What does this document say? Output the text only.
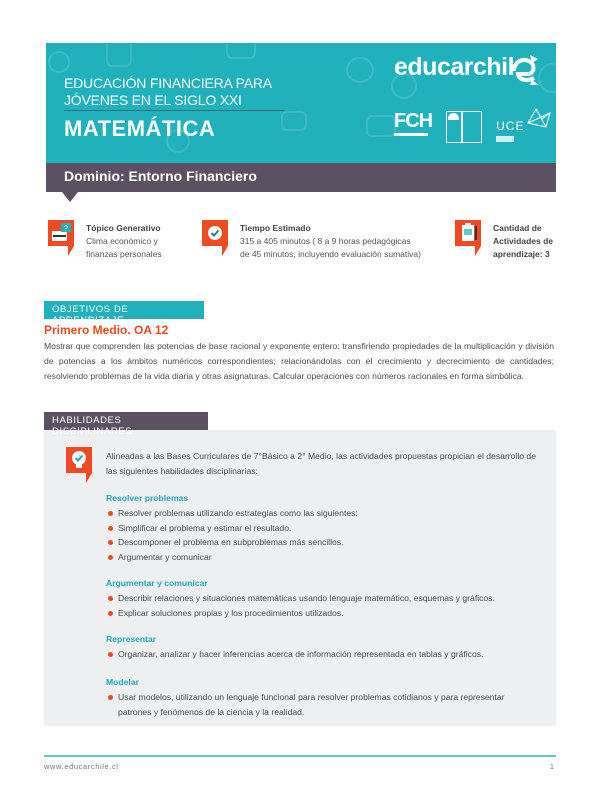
EDUCACIÓN FINANCIERA PARA
JÓVENES EN EL SIGLO XXI
MATEMÁTICA
educarchil
FCH	UCE
Dominio: Entorno Financiero
? Tópico Generativo
Clima económico y
finanzas personales
Tiempo Estimado
315 a 405 minutos ( 8 a 9 horas pedagógicas
de 45 minutos, incluyendo evaluación sumativa)
Cantidad de
Actividades de
aprendizaje: 3
OBJETIVOS DE APRENDIZAJE
Primero Medio. OA 12
Mostrar que comprenden las potencias de base racional y exponente entero: transfiriendo propiedades de la multiplicación y división de potencias a los ámbitos numéricos correspondientes; relacionándolas con el crecimiento y decrecimiento de cantidades; resolviendo problemas de la vida diaria y otras asignaturas. Calcular operaciones con números racionales en forma simbólica.
HABILIDADES DISCIPLINARES
Alineadas a las Bases Curriculares de 7°Básico a 2° Medio, las actividades propuestas propician el desarrollo de las siguientes habilidades disciplinarias:
Resolver problemas
Resolver problemas utilizando estrategias como las siguientes:
Simplificar el problema y estimar el resultado.
Descomponer el problema en subproblemas más sencillos.
Argumentar y comunicar
Argumentar y comunicar
Describir relaciones y situaciones matemáticas usando lenguaje matemático, esquemas y gráficos.
Explicar soluciones propias y los procedimientos utilizados.
Representar
Organizar, analizar y hacer inferencias acerca de información representada en tablas y gráficos.
Modelar
Usar modelos, utilizando un lenguaje funcional para resolver problemas cotidianos y para representar patrones y fenómenos de la ciencia y la realidad.
www.educarchile.cl	1
